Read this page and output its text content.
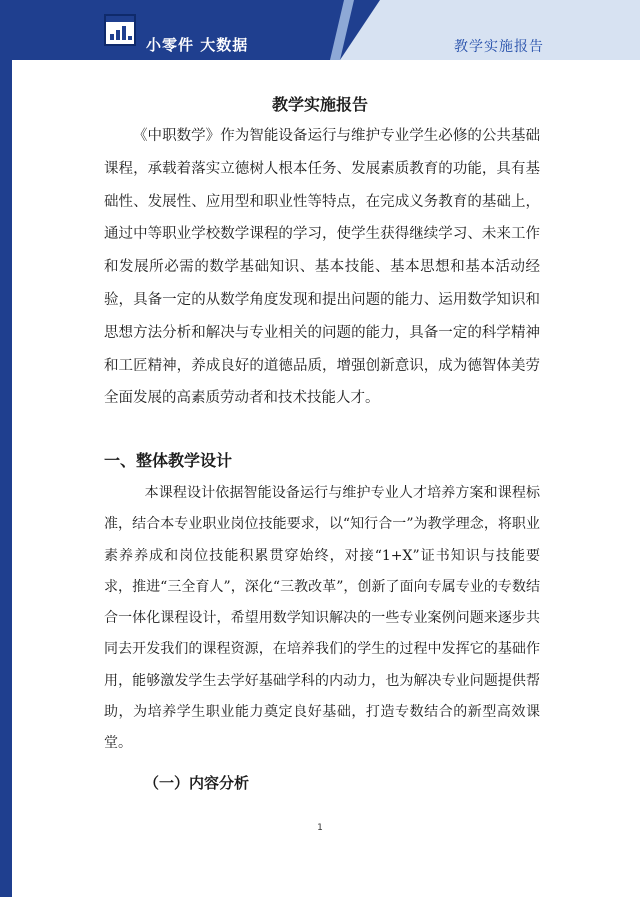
小零件 大数据	教学实施报告
教学实施报告

《中职数学》作为智能设备运行与维护专业学生必修的公共基础课程，承载着落实立德树人根本任务、发展素质教育的功能，具有基础性、发展性、应用型和职业性等特点，在完成义务教育的基础上，通过中等职业学校数学课程的学习，使学生获得继续学习、未来工作和发展所必需的数学基础知识、基本技能、基本思想和基本活动经验，具备一定的从数学角度发现和提出问题的能力、运用数学知识和思想方法分析和解决与专业相关的问题的能力，具备一定的科学精神和工匠精神，养成良好的道德品质，增强创新意识，成为德智体美劳全面发展的高素质劳动者和技术技能人才。

一、整体教学设计

本课程设计依据智能设备运行与维护专业人才培养方案和课程标准，结合本专业职业岗位技能要求，以“知行合一”为教学理念，将职业素养养成和岗位技能积累贯穿始终，对接“1+X”证书知识与技能要求，推进“三全育人”，深化“三教改革”，创新了面向专属专业的专数结合一体化课程设计，希望用数学知识解决的一些专业案例问题来逐步共同去开发我们的课程资源，在培养我们的学生的过程中发挥它的基础作用，能够激发学生去学好基础学科的内动力，也为解决专业问题提供帮助，为培养学生职业能力奠定良好基础，打造专数结合的新型高效课堂。

（一）内容分析
1
